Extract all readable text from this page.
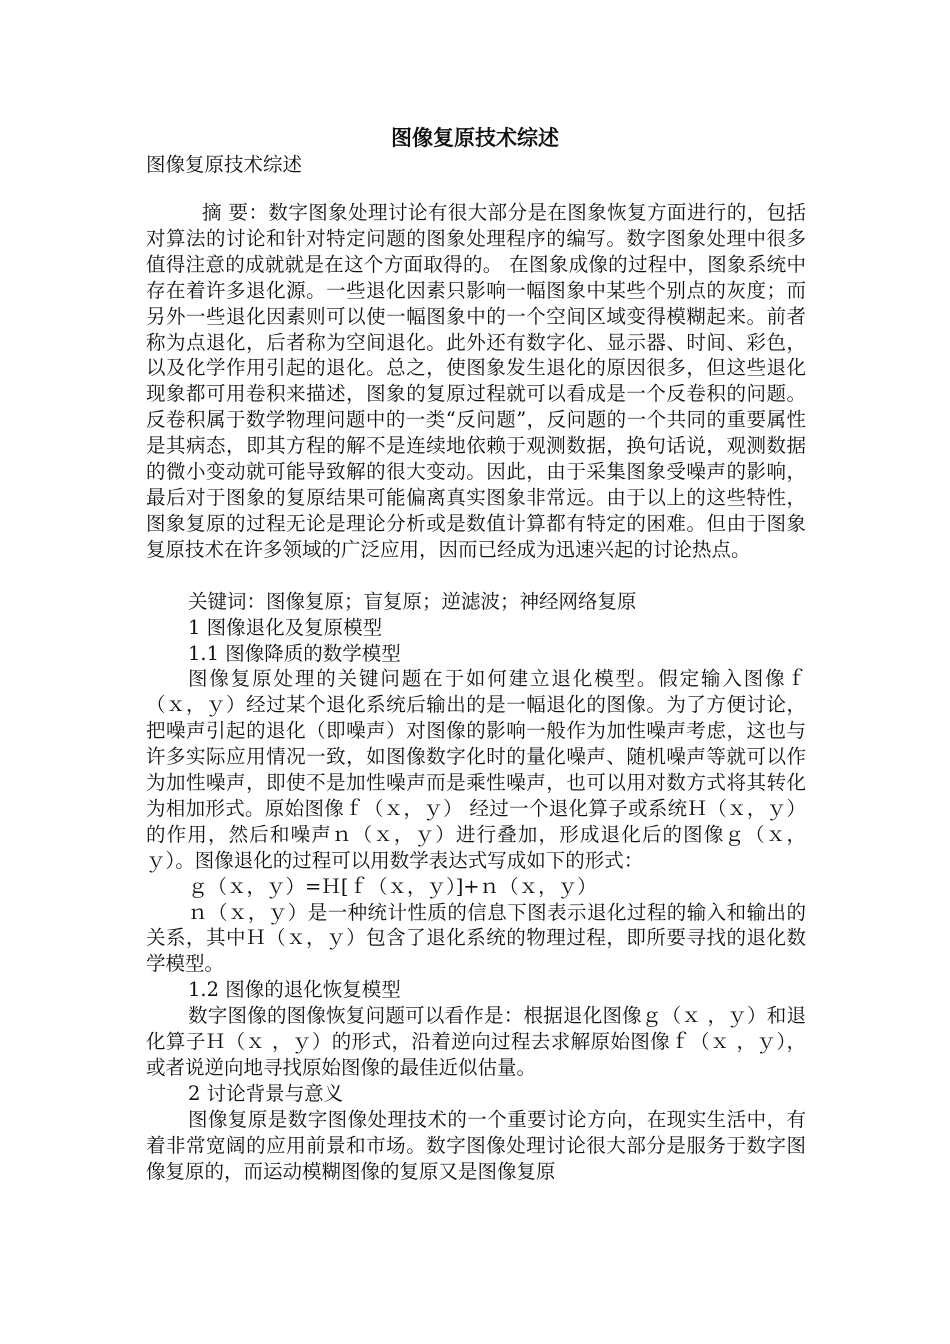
图像复原技术综述
图像复原技术综述

摘 要：数字图象处理讨论有很大部分是在图象恢复方面进行的，包括对算法的讨论和针对特定问题的图象处理程序的编写。数字图象处理中很多值得注意的成就就是在这个方面取得的。 在图象成像的过程中，图象系统中存在着许多退化源。一些退化因素只影响一幅图象中某些个别点的灰度；而另外一些退化因素则可以使一幅图象中的一个空间区域变得模糊起来。前者称为点退化，后者称为空间退化。此外还有数字化、显示器、时间、彩色，以及化学作用引起的退化。总之，使图象发生退化的原因很多，但这些退化现象都可用卷积来描述，图象的复原过程就可以看成是一个反卷积的问题。反卷积属于数学物理问题中的一类“反问题”，反问题的一个共同的重要属性是其病态，即其方程的解不是连续地依赖于观测数据，换句话说，观测数据的微小变动就可能导致解的很大变动。因此，由于采集图象受噪声的影响，最后对于图象的复原结果可能偏离真实图象非常远。由于以上的这些特性，图象复原的过程无论是理论分析或是数值计算都有特定的困难。但由于图象复原技术在许多领域的广泛应用，因而已经成为迅速兴起的讨论热点。

关键词：图像复原；盲复原；逆滤波；神经网络复原

1 图像退化及复原模型

1.1 图像降质的数学模型

图像复原处理的关键问题在于如何建立退化模型。假定输入图像ｆ（ｘ，ｙ）经过某个退化系统后输出的是一幅退化的图像。为了方便讨论， 把噪声引起的退化（即噪声）对图像的影响一般作为加性噪声考虑，这也与许多实际应用情况一致，如图像数字化时的量化噪声、随机噪声等就可以作为加性噪声，即使不是加性噪声而是乘性噪声，也可以用对数方式将其转化为相加形式。原始图像ｆ（ｘ，ｙ） 经过一个退化算子或系统Ｈ（ｘ，ｙ） 的作用，然后和噪声ｎ（ｘ，ｙ）进行叠加，形成退化后的图像ｇ（ｘ，ｙ）。图像退化的过程可以用数学表达式写成如下的形式：

ｇ（ｘ，ｙ）=Ｈ[ｆ（ｘ，ｙ）]+ｎ（ｘ，ｙ）

ｎ（ｘ，ｙ）是一种统计性质的信息下图表示退化过程的输入和输出的关系，其中Ｈ（ｘ，ｙ）包含了退化系统的物理过程，即所要寻找的退化数学模型。

1.2 图像的退化恢复模型

数字图像的图像恢复问题可以看作是：根据退化图像ｇ（ｘ ，ｙ）和退化算子Ｈ（ｘ ，ｙ）的形式，沿着逆向过程去求解原始图像ｆ（ｘ ，ｙ）， 或者说逆向地寻找原始图像的最佳近似估量。

2 讨论背景与意义

图像复原是数字图像处理技术的一个重要讨论方向，在现实生活中，有着非常宽阔的应用前景和市场。数字图像处理讨论很大部分是服务于数字图像复原的，而运动模糊图像的复原又是图像复原
